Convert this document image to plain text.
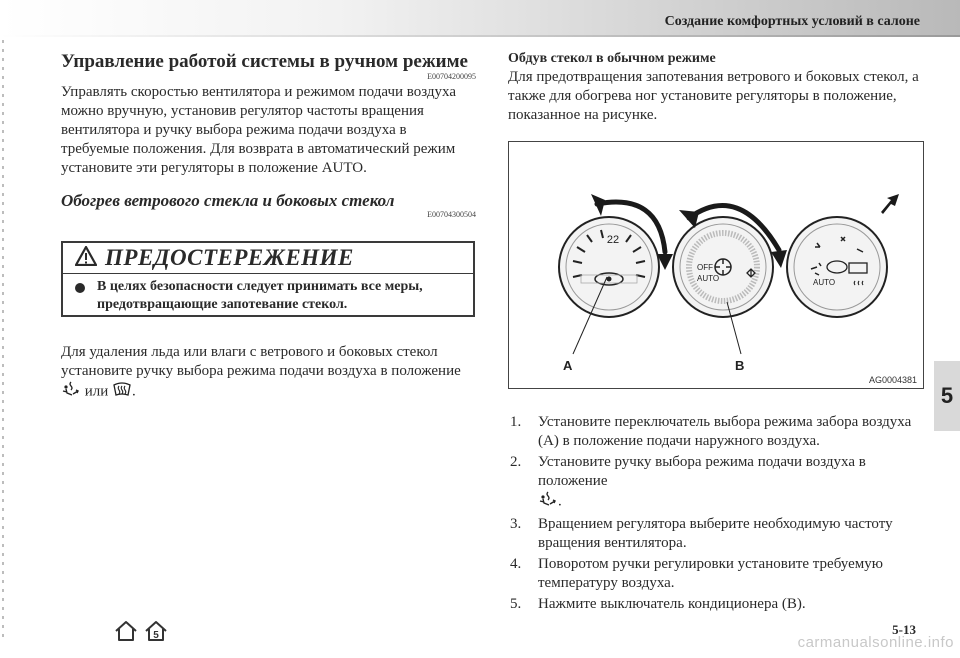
Создание комфортных условий в салоне
Управление работой системы в ручном режиме
E00704200095

Управлять скоростью вентилятора и режимом подачи воздуха можно вручную, установив регулятор частоты вращения вентилятора и ручку выбора режима подачи воздуха в требуемые положения. Для возврата в автоматический режим установите эти регуляторы в положение AUTO.

Обогрев ветрового стекла и боковых стекол
E00704300504
ПРЕДОСТЕРЕЖЕНИЕ
В целях безопасности следует принимать все меры, предотвращающие запотевание стекол.

Для удаления льда или влаги с ветрового и боковых стекол установите ручку выбора режима подачи воздуха в положение  или .

Обдув стекол в обычном режиме

Для предотвращения запотевания ветрового и боковых стекол, а также для обогрева ног установите регуляторы в положение, показанное на рисунке.

22
OFF
AUTO	AUTO
A	B
AG0004381
1.	Установите переключатель выбора режима забора воздуха (А) в положение подачи наружного воздуха.
2.	Установите ручку выбора режима подачи воздуха в положение
.
3.	Вращением регулятора выберите необходимую частоту вращения вентилятора.
4.	Поворотом ручки регулировки установите требуемую температуру воздуха.
5.	Нажмите выключатель кондиционера (В).
5
5	5-13
carmanualsonline.info
